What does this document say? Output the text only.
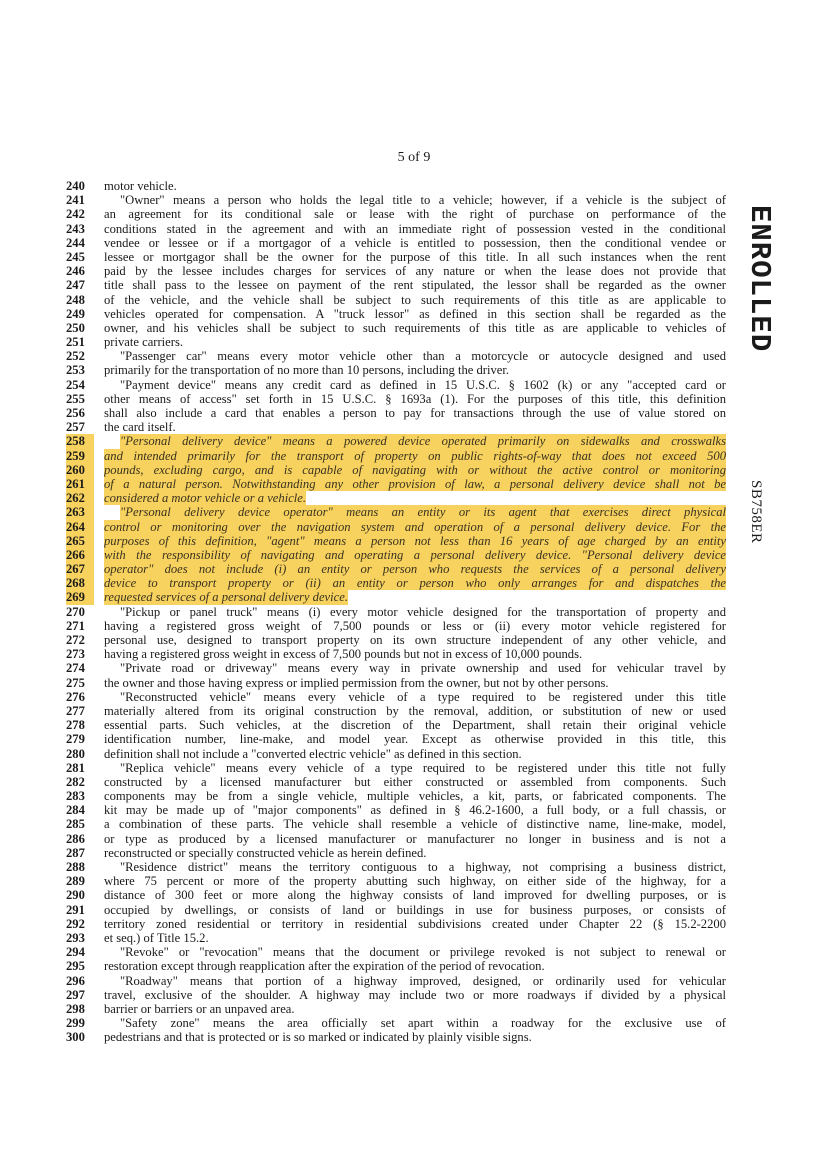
5 of 9
ENROLLED
SB758ER
240	motor vehicle.
241	"Owner" means a person who holds the legal title to a vehicle; however, if a vehicle is the subject of
242	an agreement for its conditional sale or lease with the right of purchase on performance of the
243	conditions stated in the agreement and with an immediate right of possession vested in the conditional
244	vendee or lessee or if a mortgagor of a vehicle is entitled to possession, then the conditional vendee or
245	lessee or mortgagor shall be the owner for the purpose of this title. In all such instances when the rent
246	paid by the lessee includes charges for services of any nature or when the lease does not provide that
247	title shall pass to the lessee on payment of the rent stipulated, the lessor shall be regarded as the owner
248	of the vehicle, and the vehicle shall be subject to such requirements of this title as are applicable to
249	vehicles operated for compensation. A "truck lessor" as defined in this section shall be regarded as the
250	owner, and his vehicles shall be subject to such requirements of this title as are applicable to vehicles of
251	private carriers.
252	"Passenger car" means every motor vehicle other than a motorcycle or autocycle designed and used
253	primarily for the transportation of no more than 10 persons, including the driver.
254	"Payment device" means any credit card as defined in 15 U.S.C. § 1602 (k) or any "accepted card or
255	other means of access" set forth in 15 U.S.C. § 1693a (1). For the purposes of this title, this definition
256	shall also include a card that enables a person to pay for transactions through the use of value stored on
257	the card itself.
258	"Personal delivery device" means a powered device operated primarily on sidewalks and crosswalks
259	and intended primarily for the transport of property on public rights-of-way that does not exceed 500
260	pounds, excluding cargo, and is capable of navigating with or without the active control or monitoring
261	of a natural person. Notwithstanding any other provision of law, a personal delivery device shall not be
262	considered a motor vehicle or a vehicle.
263	"Personal delivery device operator" means an entity or its agent that exercises direct physical
264	control or monitoring over the navigation system and operation of a personal delivery device. For the
265	purposes of this definition, "agent" means a person not less than 16 years of age charged by an entity
266	with the responsibility of navigating and operating a personal delivery device. "Personal delivery device
267	operator" does not include (i) an entity or person who requests the services of a personal delivery
268	device to transport property or (ii) an entity or person who only arranges for and dispatches the
269	requested services of a personal delivery device.
270	"Pickup or panel truck" means (i) every motor vehicle designed for the transportation of property and
271	having a registered gross weight of 7,500 pounds or less or (ii) every motor vehicle registered for
272	personal use, designed to transport property on its own structure independent of any other vehicle, and
273	having a registered gross weight in excess of 7,500 pounds but not in excess of 10,000 pounds.
274	"Private road or driveway" means every way in private ownership and used for vehicular travel by
275	the owner and those having express or implied permission from the owner, but not by other persons.
276	"Reconstructed vehicle" means every vehicle of a type required to be registered under this title
277	materially altered from its original construction by the removal, addition, or substitution of new or used
278	essential parts. Such vehicles, at the discretion of the Department, shall retain their original vehicle
279	identification number, line-make, and model year. Except as otherwise provided in this title, this
280	definition shall not include a "converted electric vehicle" as defined in this section.
281	"Replica vehicle" means every vehicle of a type required to be registered under this title not fully
282	constructed by a licensed manufacturer but either constructed or assembled from components. Such
283	components may be from a single vehicle, multiple vehicles, a kit, parts, or fabricated components. The
284	kit may be made up of "major components" as defined in § 46.2-1600, a full body, or a full chassis, or
285	a combination of these parts. The vehicle shall resemble a vehicle of distinctive name, line-make, model,
286	or type as produced by a licensed manufacturer or manufacturer no longer in business and is not a
287	reconstructed or specially constructed vehicle as herein defined.
288	"Residence district" means the territory contiguous to a highway, not comprising a business district,
289	where 75 percent or more of the property abutting such highway, on either side of the highway, for a
290	distance of 300 feet or more along the highway consists of land improved for dwelling purposes, or is
291	occupied by dwellings, or consists of land or buildings in use for business purposes, or consists of
292	territory zoned residential or territory in residential subdivisions created under Chapter 22 (§ 15.2-2200
293	et seq.) of Title 15.2.
294	"Revoke" or "revocation" means that the document or privilege revoked is not subject to renewal or
295	restoration except through reapplication after the expiration of the period of revocation.
296	"Roadway" means that portion of a highway improved, designed, or ordinarily used for vehicular
297	travel, exclusive of the shoulder. A highway may include two or more roadways if divided by a physical
298	barrier or barriers or an unpaved area.
299	"Safety zone" means the area officially set apart within a roadway for the exclusive use of
300	pedestrians and that is protected or is so marked or indicated by plainly visible signs.
